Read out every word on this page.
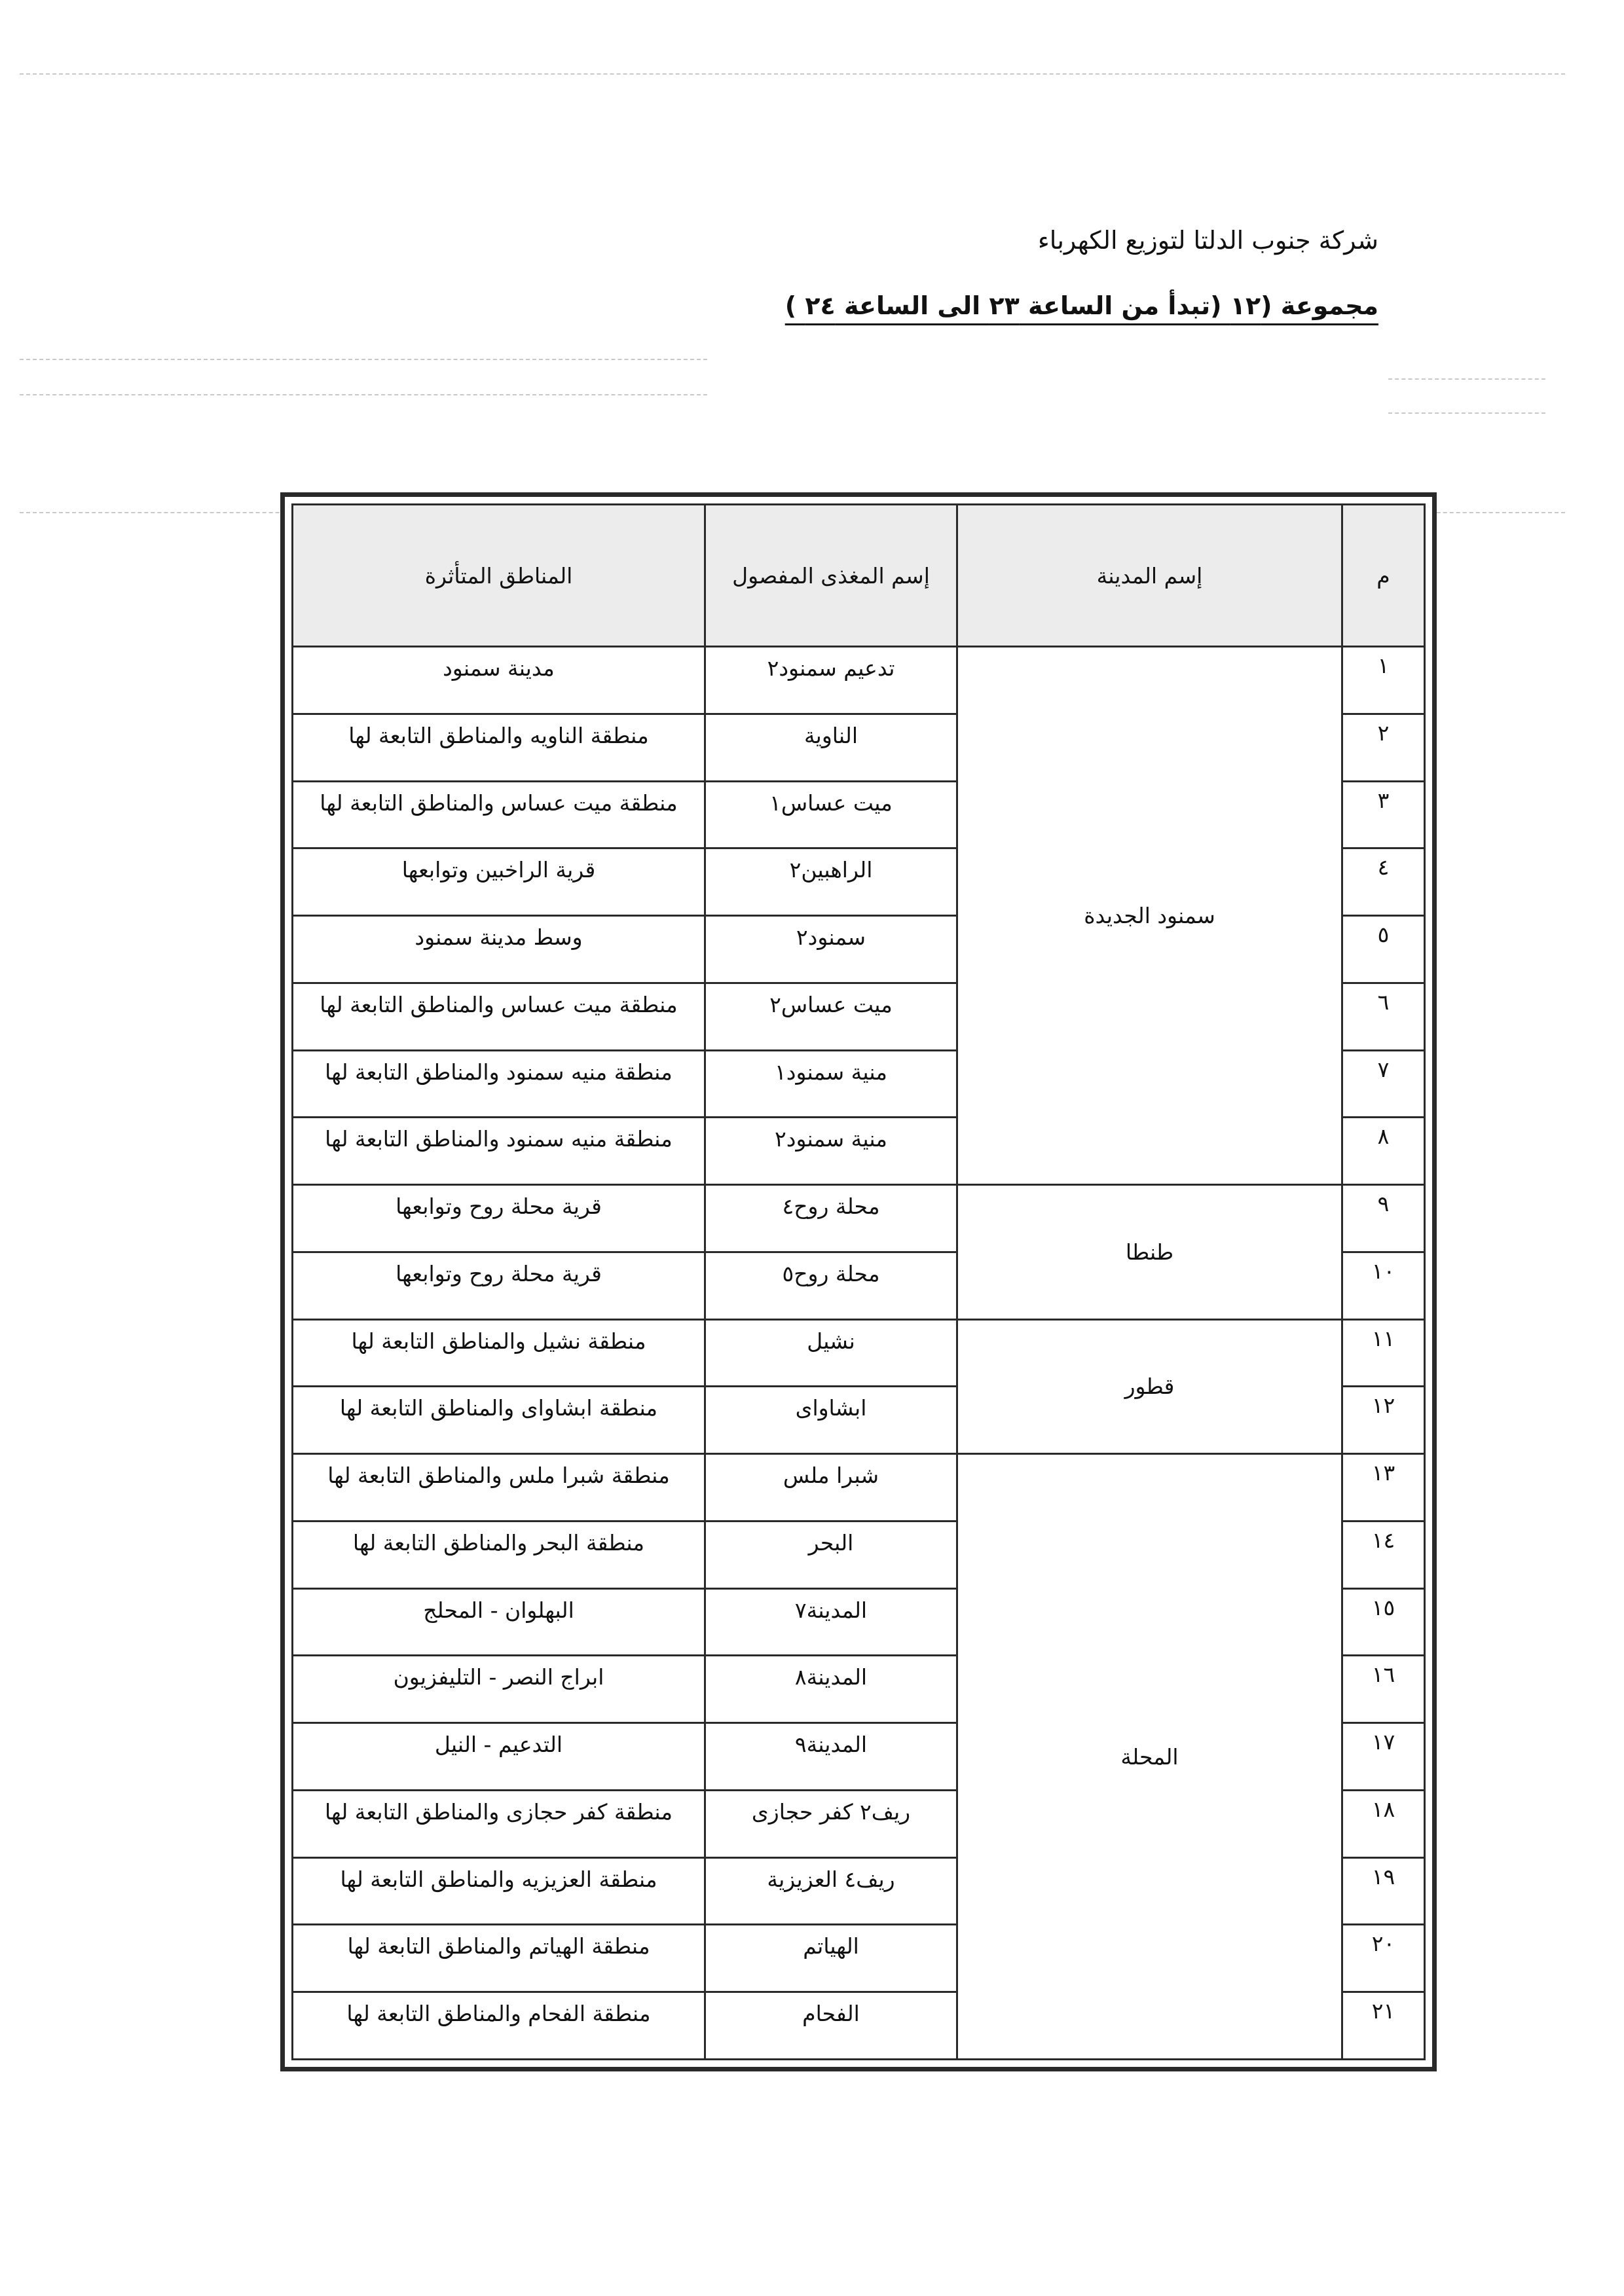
شركة جنوب الدلتا لتوزيع الكهرباء
مجموعة (١٢ (تبدأ من الساعة ٢٣ الى الساعة ٢٤ )
م	إسم المدينة	إسم المغذى المفصول	المناطق المتأثرة
١	سمنود الجديدة	تدعيم سمنود٢	مدينة سمنود
٢		الناوية	منطقة الناويه والمناطق التابعة لها
٣		ميت عساس١	منطقة ميت عساس والمناطق التابعة لها
٤		الراهبين٢	قرية الراخبين وتوابعها
٥		سمنود٢	وسط مدينة سمنود
٦		ميت عساس٢	منطقة ميت عساس والمناطق التابعة لها
٧		منية سمنود١	منطقة منيه سمنود والمناطق التابعة لها
٨		منية سمنود٢	منطقة منيه سمنود والمناطق التابعة لها
٩	طنطا	محلة روح٤	قرية محلة روح وتوابعها
١٠		محلة روح٥	قرية محلة روح وتوابعها
١١	قطور	نشيل	منطقة نشيل والمناطق التابعة لها
١٢		ابشاواى	منطقة ابشاواى والمناطق التابعة لها
١٣	المحلة	شبرا ملس	منطقة شبرا ملس والمناطق التابعة لها
١٤		البحر	منطقة البحر والمناطق التابعة لها
١٥		المدينة٧	البهلوان - المحلج
١٦		المدينة٨	ابراج النصر - التليفزيون
١٧		المدينة٩	التدعيم - النيل
١٨		ريف٢ كفر حجازى	منطقة كفر حجازى والمناطق التابعة لها
١٩		ريف٤ العزيزية	منطقة العزيزيه والمناطق التابعة لها
٢٠		الهياتم	منطقة الهياتم والمناطق التابعة لها
٢١		الفحام	منطقة الفحام والمناطق التابعة لها
